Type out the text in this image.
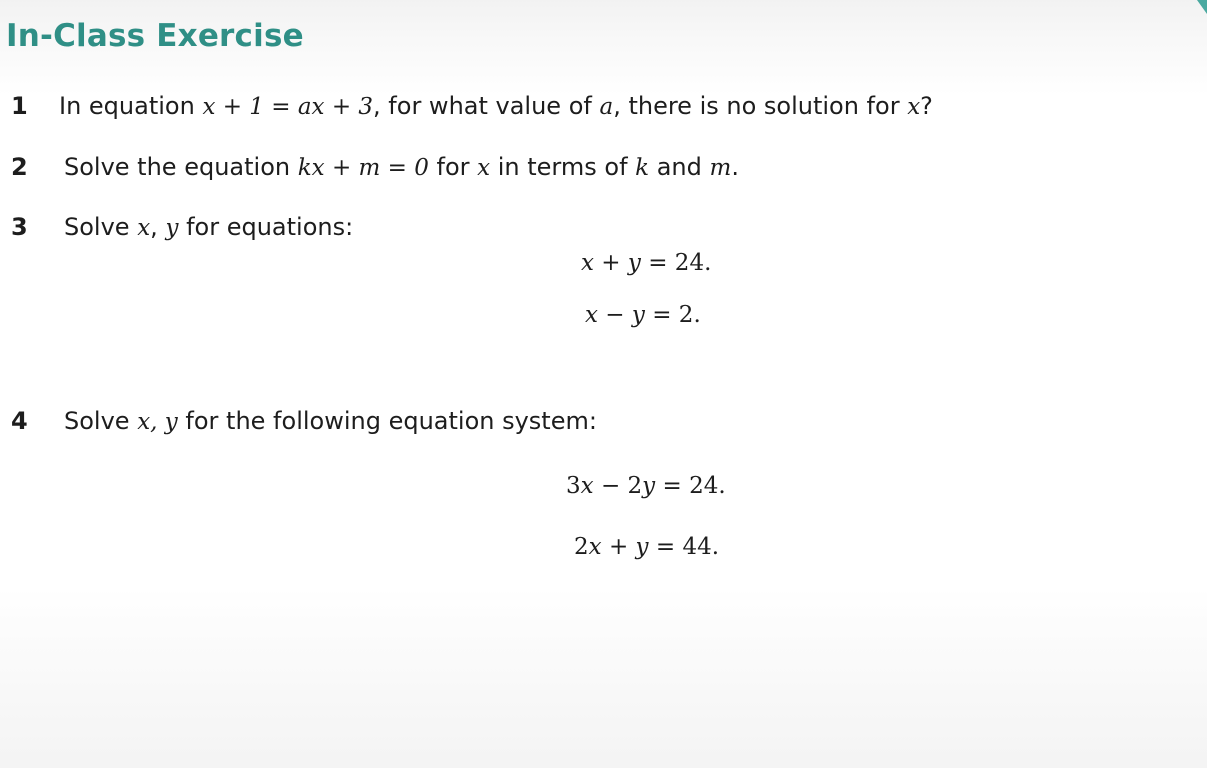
In-Class Exercise
1 In equation x + 1 = ax + 3, for what value of a, there is no solution for x?
2 Solve the equation kx + m = 0 for x in terms of k and m.
3 Solve x, y for equations:
x + y = 24.
x − y = 2.
4 Solve x, y for the following equation system:
3x − 2y = 24.
2x + y = 44.
